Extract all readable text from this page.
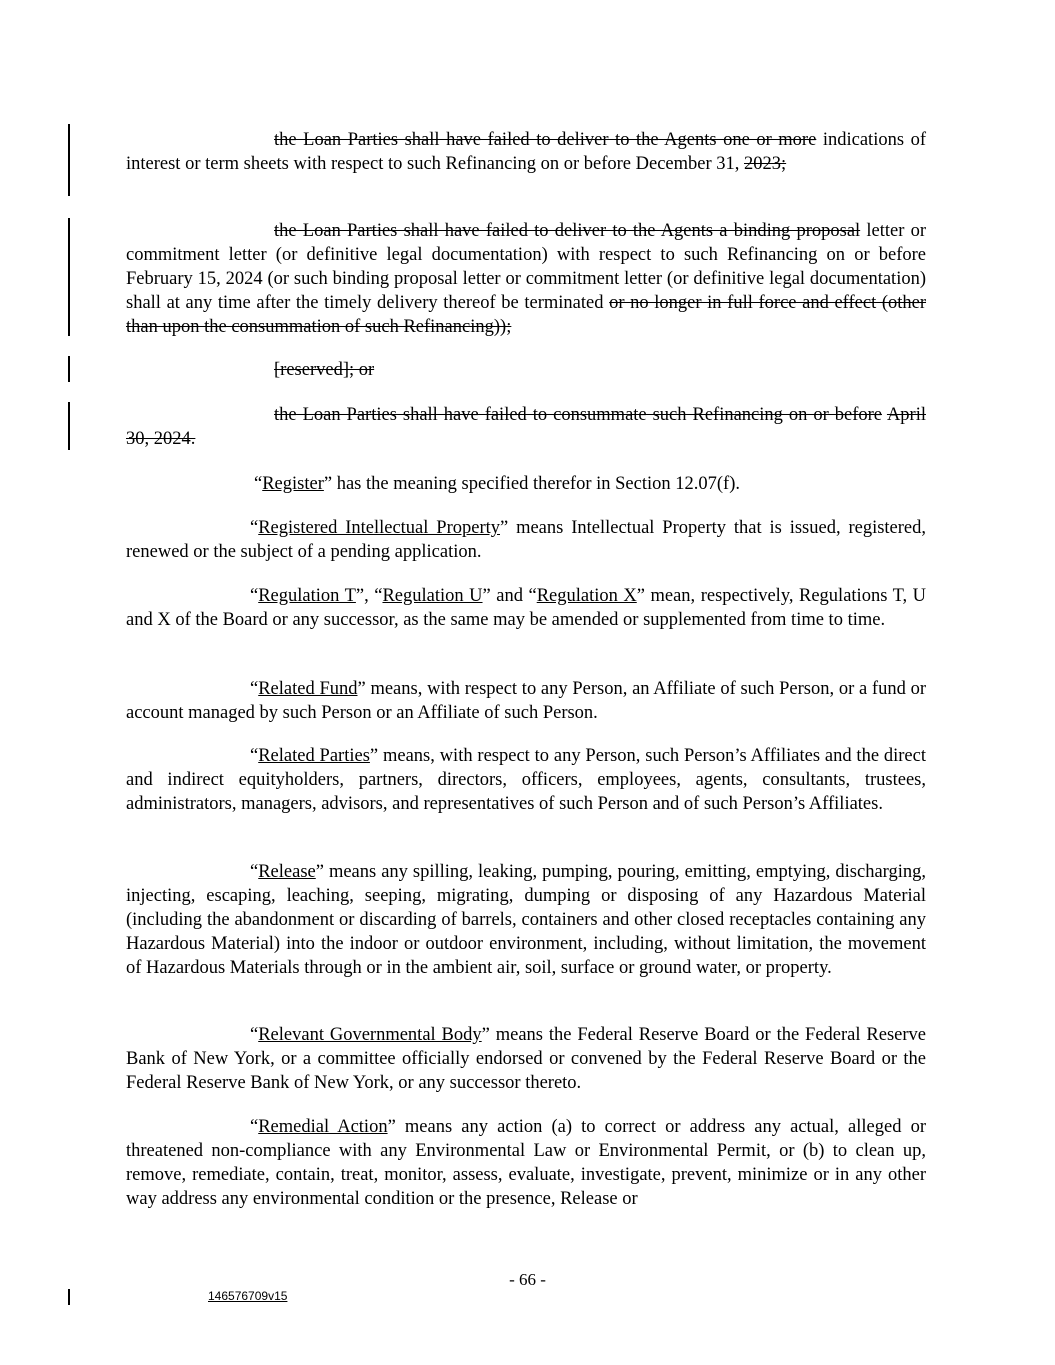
the Loan Parties shall have failed to deliver to the Agents one or more indications of interest or term sheets with respect to such Refinancing on or before December 31, 2023;

the Loan Parties shall have failed to deliver to the Agents a binding proposal letter or commitment letter (or definitive legal documentation) with respect to such Refinancing on or before February 15, 2024 (or such binding proposal letter or commitment letter (or definitive legal documentation) shall at any time after the timely delivery thereof be terminated or no longer in full force and effect (other than upon the consummation of such Refinancing));

[reserved]; or

the Loan Parties shall have failed to consummate such Refinancing on or before April 30, 2024.

“Register” has the meaning specified therefor in Section 12.07(f).

“Registered Intellectual Property” means Intellectual Property that is issued, registered, renewed or the subject of a pending application.

“Regulation T”, “Regulation U” and “Regulation X” mean, respectively, Regulations T, U and X of the Board or any successor, as the same may be amended or supplemented from time to time.

“Related Fund” means, with respect to any Person, an Affiliate of such Person, or a fund or account managed by such Person or an Affiliate of such Person.

“Related Parties” means, with respect to any Person, such Person’s Affiliates and the direct and indirect equityholders, partners, directors, officers, employees, agents, consultants, trustees, administrators, managers, advisors, and representatives of such Person and of such Person’s Affiliates.

“Release” means any spilling, leaking, pumping, pouring, emitting, emptying, discharging, injecting, escaping, leaching, seeping, migrating, dumping or disposing of any Hazardous Material (including the abandonment or discarding of barrels, containers and other closed receptacles containing any Hazardous Material) into the indoor or outdoor environment, including, without limitation, the movement of Hazardous Materials through or in the ambient air, soil, surface or ground water, or property.

“Relevant Governmental Body” means the Federal Reserve Board or the Federal Reserve Bank of New York, or a committee officially endorsed or convened by the Federal Reserve Board or the Federal Reserve Bank of New York, or any successor thereto.

“Remedial Action” means any action (a) to correct or address any actual, alleged or threatened non-compliance with any Environmental Law or Environmental Permit, or (b) to clean up, remove, remediate, contain, treat, monitor, assess, evaluate, investigate, prevent, minimize or in any other way address any environmental condition or the presence, Release or

- 66 -
146576709v15
